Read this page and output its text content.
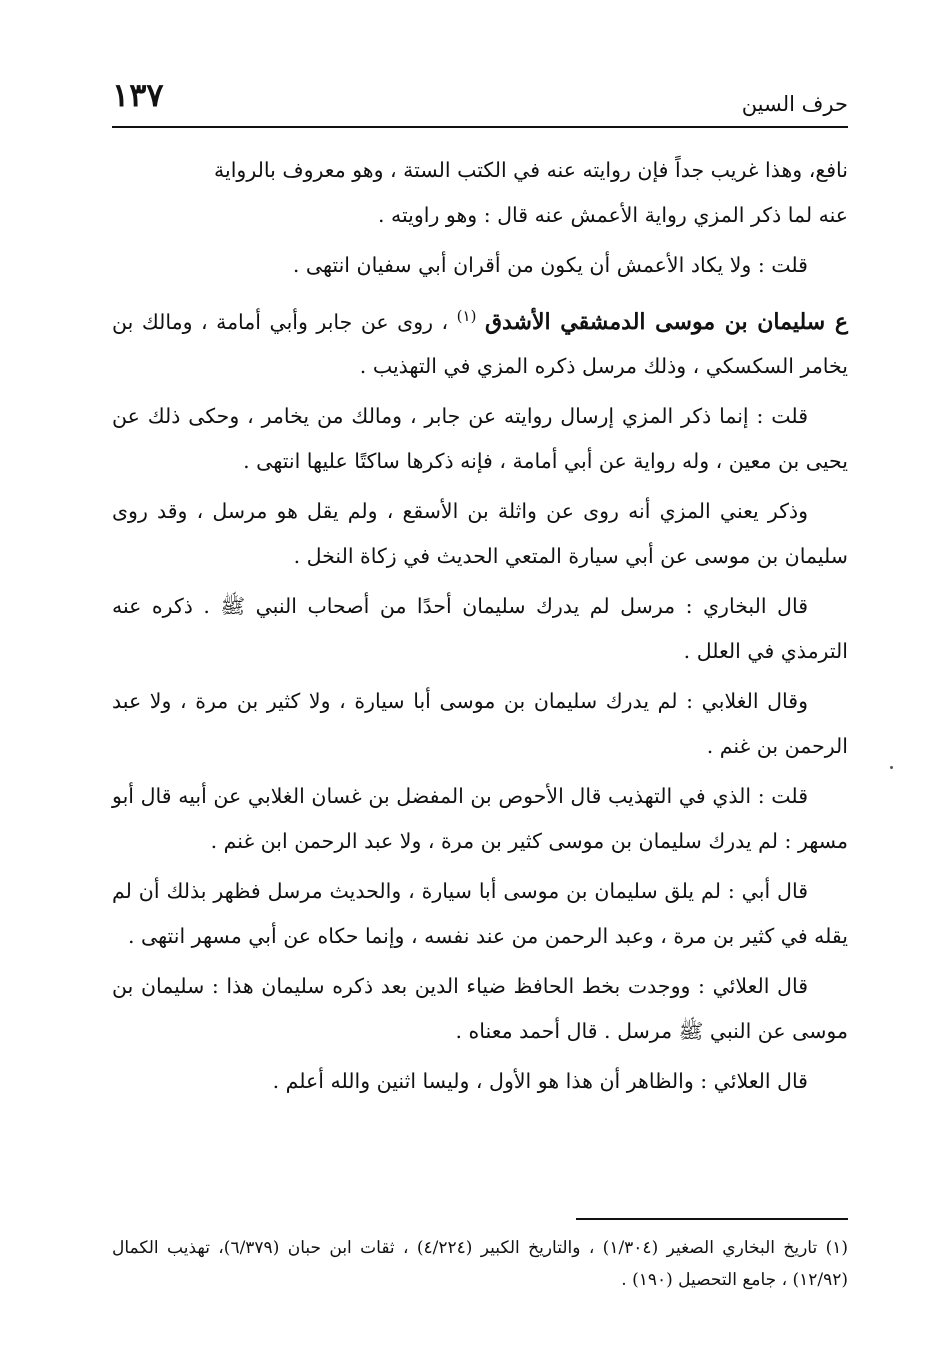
١٣٧	حرف السين

نافع، وهذا غريب جداً فإن روايته عنه في الكتب الستة ، وهو معروف بالرواية
عنه لما ذكر المزي رواية الأعمش عنه قال : وهو راويته .

قلت : ولا يكاد الأعمش أن يكون من أقران أبي سفيان انتهى .

ع سليمان بن موسى الدمشقي الأشدق $^{(١)}$ ، روى عن جابر وأبي أمامة ، ومالك بن يخامر السكسكي ، وذلك مرسل ذكره المزي في التهذيب .

قلت : إنما ذكر المزي إرسال روايته عن جابر ، ومالك من يخامر ، وحكى ذلك عن يحيى بن معين ، وله رواية عن أبي أمامة ، فإنه ذكرها ساكتًا عليها انتهى .

وذكر يعني المزي أنه روى عن واثلة بن الأسقع ، ولم يقل هو مرسل ، وقد روى سليمان بن موسى عن أبي سيارة المتعي الحديث في زكاة النخل .

قال البخاري : مرسل لم يدرك سليمان أحدًا من أصحاب النبي ﷺ . ذكره عنه الترمذي في العلل .

وقال الغلابي : لم يدرك سليمان بن موسى أبا سيارة ، ولا كثير بن مرة ، ولا عبد الرحمن بن غنم .

قلت : الذي في التهذيب قال الأحوص بن المفضل بن غسان الغلابي عن أبيه قال أبو مسهر : لم يدرك سليمان بن موسى كثير بن مرة ، ولا عبد الرحمن ابن غنم .

قال أبي : لم يلق سليمان بن موسى أبا سيارة ، والحديث مرسل فظهر بذلك أن لم يقله في كثير بن مرة ، وعبد الرحمن من عند نفسه ، وإنما حكاه عن أبي مسهر انتهى .

قال العلائي : ووجدت بخط الحافظ ضياء الدين بعد ذكره سليمان هذا : سليمان بن موسى عن النبي ﷺ مرسل . قال أحمد معناه .

قال العلائي : والظاهر أن هذا هو الأول ، وليسا اثنين والله أعلم .

(١) تاريخ البخاري الصغير (١/٣٠٤) ، والتاريخ الكبير (٤/٢٢٤) ، ثقات ابن حبان (٦/٣٧٩)، تهذيب الكمال (١٢/٩٢) ، جامع التحصيل (١٩٠) .
